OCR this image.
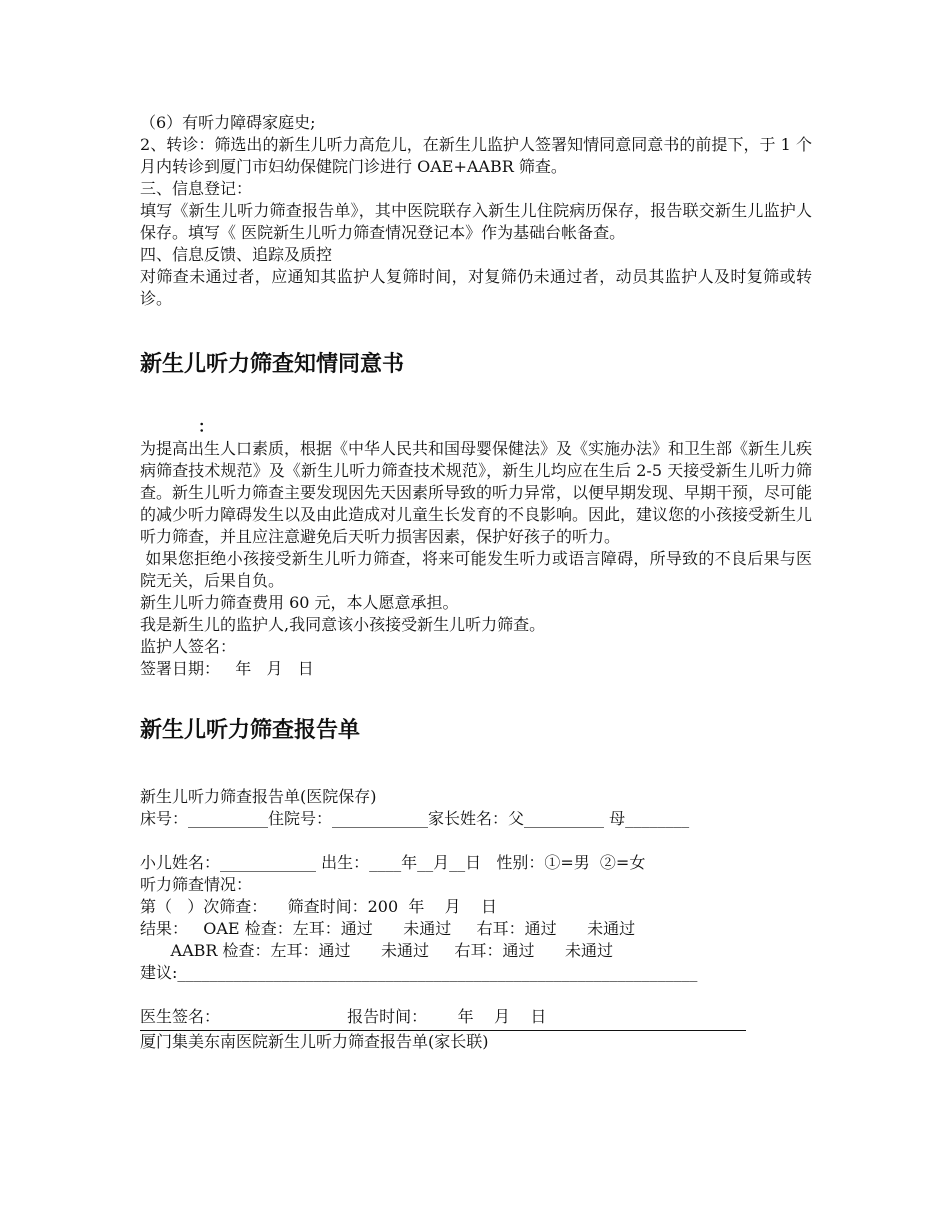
（6）有听力障碍家庭史;

2、转诊：筛选出的新生儿听力高危儿，在新生儿监护人签署知情同意同意书的前提下，于 1 个月内转诊到厦门市妇幼保健院门诊进行 OAE+AABR 筛查。

三、信息登记：

填写《新生儿听力筛查报告单》，其中医院联存入新生儿住院病历保存，报告联交新生儿监护人保存。填写《 医院新生儿听力筛查情况登记本》作为基础台帐备查。

四、信息反馈、追踪及质控

对筛查未通过者，应通知其监护人复筛时间，对复筛仍未通过者，动员其监护人及时复筛或转诊。

新生儿听力筛查知情同意书

：

为提高出生人口素质，根据《中华人民共和国母婴保健法》及《实施办法》和卫生部《新生儿疾病筛查技术规范》及《新生儿听力筛查技术规范》，新生儿均应在生后 2-5 天接受新生儿听力筛查。新生儿听力筛查主要发现因先天因素所导致的听力异常，以便早期发现、早期干预，尽可能的减少听力障碍发生以及由此造成对儿童生长发育的不良影响。因此，建议您的小孩接受新生儿听力筛查，并且应注意避免后天听力损害因素，保护好孩子的听力。

如果您拒绝小孩接受新生儿听力筛查，将来可能发生听力或语言障碍，所导致的不良后果与医院无关，后果自负。

新生儿听力筛查费用 60 元，本人愿意承担。

我是新生儿的监护人,我同意该小孩接受新生儿听力筛查。

监护人签名：

签署日期：   年   月   日

新生儿听力筛查报告单

新生儿听力筛查报告单(医院保存)

床号：__________住院号：____________家长姓名：父__________ 母________

小儿姓名：____________ 出生：____年__月__日   性别：①=男  ②=女

听力筛查情况：

第（   ）次筛查：    筛查时间：200  年    月    日

结果：   OAE 检查：左耳：通过      未通过     右耳：通过      未通过

AABR 检查：左耳：通过      未通过     右耳：通过      未通过

建议:_________________________________________________________________

医生签名：                         报告时间：      年    月    日

厦门集美东南医院新生儿听力筛查报告单(家长联)
